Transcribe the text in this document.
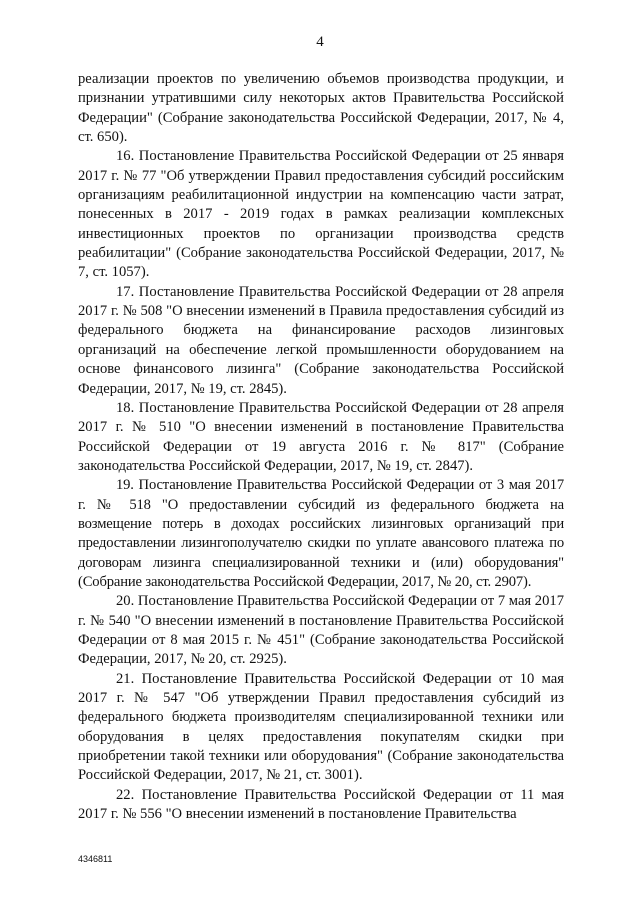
4

реализации проектов по увеличению объемов производства продукции, и признании утратившими силу некоторых актов Правительства Российской Федерации" (Собрание законодательства Российской Федерации, 2017, № 4, ст. 650).

16. Постановление Правительства Российской Федерации от 25 января 2017 г. № 77 "Об утверждении Правил предоставления субсидий российским организациям реабилитационной индустрии на компенсацию части затрат, понесенных в 2017 - 2019 годах в рамках реализации комплексных инвестиционных проектов по организации производства средств реабилитации" (Собрание законодательства Российской Федерации, 2017, № 7, ст. 1057).

17. Постановление Правительства Российской Федерации от 28 апреля 2017 г. № 508 "О внесении изменений в Правила предоставления субсидий из федерального бюджета на финансирование расходов лизинговых организаций на обеспечение легкой промышленности оборудованием на основе финансового лизинга" (Собрание законодательства Российской Федерации, 2017, № 19, ст. 2845).

18. Постановление Правительства Российской Федерации от 28 апреля 2017 г. № 510 "О внесении изменений в постановление Правительства Российской Федерации от 19 августа 2016 г. № 817" (Собрание законодательства Российской Федерации, 2017, № 19, ст. 2847).

19. Постановление Правительства Российской Федерации от 3 мая 2017 г. № 518 "О предоставлении субсидий из федерального бюджета на возмещение потерь в доходах российских лизинговых организаций при предоставлении лизингополучателю скидки по уплате авансового платежа по договорам лизинга специализированной техники и (или) оборудования" (Собрание законодательства Российской Федерации, 2017, № 20, ст. 2907).

20. Постановление Правительства Российской Федерации от 7 мая 2017 г. № 540 "О внесении изменений в постановление Правительства Российской Федерации от 8 мая 2015 г. № 451" (Собрание законодательства Российской Федерации, 2017, № 20, ст. 2925).

21. Постановление Правительства Российской Федерации от 10 мая 2017 г. № 547 "Об утверждении Правил предоставления субсидий из федерального бюджета производителям специализированной техники или оборудования в целях предоставления покупателям скидки при приобретении такой техники или оборудования" (Собрание законодательства Российской Федерации, 2017, № 21, ст. 3001).

22. Постановление Правительства Российской Федерации от 11 мая 2017 г. № 556 "О внесении изменений в постановление Правительства

4346811
